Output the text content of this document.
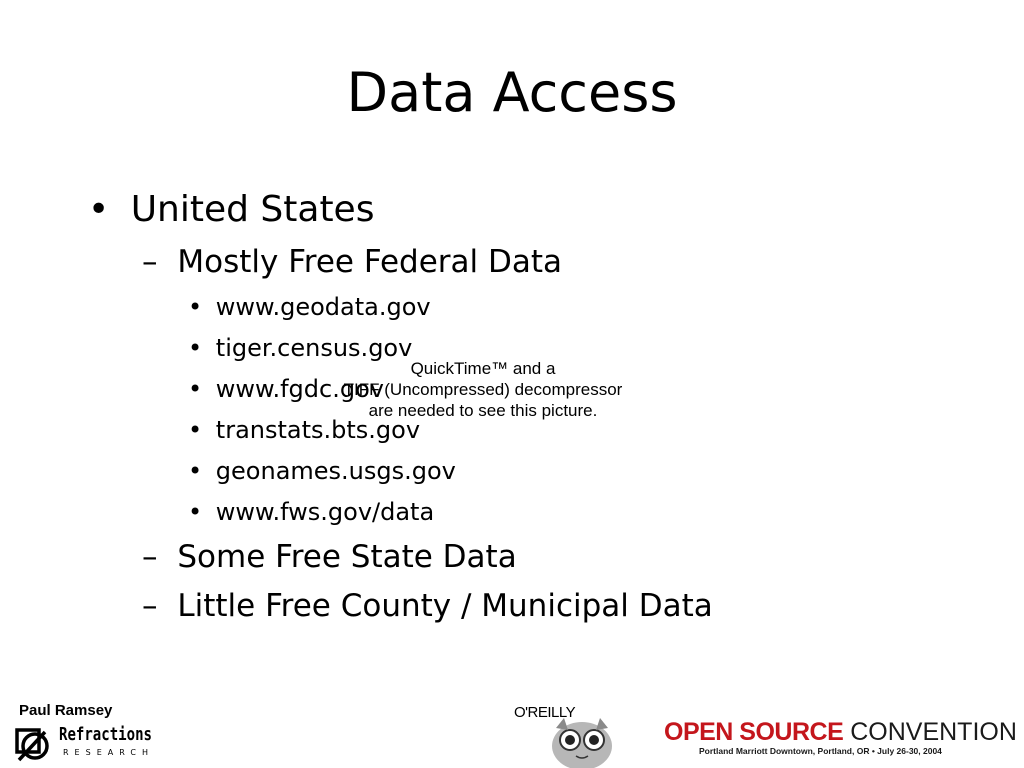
Data Access
• United States
– Mostly Free Federal Data
• www.geodata.gov
• tiger.census.gov
• www.fgdc.gov
• transtats.bts.gov
• geonames.usgs.gov
• www.fws.gov/data
– Some Free State Data
– Little Free County / Municipal Data
QuickTime™ and a
TIFF (Uncompressed) decompressor
are needed to see this picture.
Paul Ramsey
Refractions
RESEARCH
O'REILLY
OPEN SOURCE CONVENTION
Portland Marriott Downtown, Portland, OR • July 26-30, 2004
